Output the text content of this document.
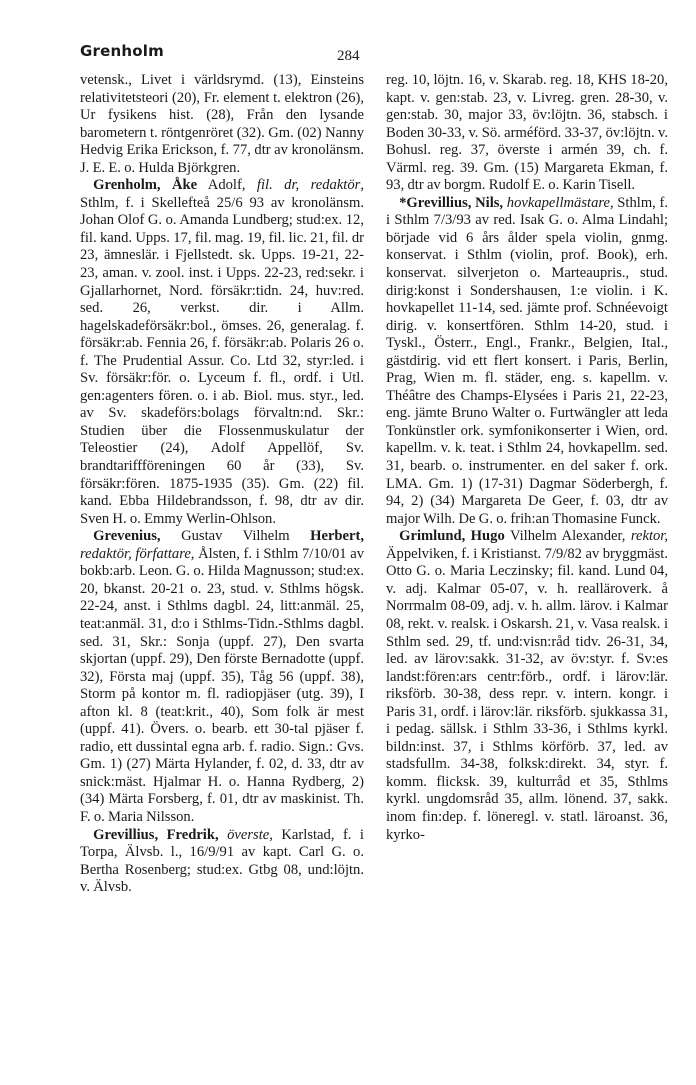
Grenholm	284

vetensk., Livet i världsrymd. (13), Einsteins relativitetsteori (20), Fr. element t. elektron (26), Ur fysikens hist. (28), Från den lysande barometern t. röntgenröret (32). Gm. (02) Nanny Hedvig Erika Erickson, f. 77, dtr av kronolänsm. J. E. E. o. Hulda Björkgren.

Grenholm, Åke Adolf, fil. dr, redaktör, Sthlm, f. i Skellefteå 25/6 93 av kronolänsm. Johan Olof G. o. Amanda Lundberg; stud:ex. 12, fil. kand. Upps. 17, fil. mag. 19, fil. lic. 21, fil. dr 23, ämneslär. i Fjellstedt. sk. Upps. 19-21, 22-23, aman. v. zool. inst. i Upps. 22-23, red:sekr. i Gjallarhornet, Nord. försäkr:tidn. 24, huv:red. sed. 26, verkst. dir. i Allm. hagelskadeförsäkr:bol., ömses. 26, generalag. f. försäkr:ab. Fennia 26, f. försäkr:ab. Polaris 26 o. f. The Prudential Assur. Co. Ltd 32, styr:led. i Sv. försäkr:för. o. Lyceum f. fl., ordf. i Utl. gen:agenters fören. o. i ab. Biol. mus. styr., led. av Sv. skadeförs:bolags förvaltn:nd. Skr.: Studien über die Flossenmuskulatur der Teleostier (24), Adolf Appellöf, Sv. brandtariffföreningen 60 år (33), Sv. försäkr:fören. 1875-1935 (35). Gm. (22) fil. kand. Ebba Hildebrandsson, f. 98, dtr av dir. Sven H. o. Emmy Werlin-Ohlson.

Grevenius, Gustav Vilhelm Herbert, redaktör, författare, Ålsten, f. i Sthlm 7/10/01 av bokb:arb. Leon. G. o. Hilda Magnusson; stud:ex. 20, bkanst. 20-21 o. 23, stud. v. Sthlms högsk. 22-24, anst. i Sthlms dagbl. 24, litt:anmäl. 25, teat:anmäl. 31, d:o i Sthlms-Tidn.-Sthlms dagbl. sed. 31, Skr.: Sonja (uppf. 27), Den svarta skjortan (uppf. 29), Den förste Bernadotte (uppf. 32), Första maj (uppf. 35), Tåg 56 (uppf. 38), Storm på kontor m. fl. radiopjäser (utg. 39), I afton kl. 8 (teat:krit., 40), Som folk är mest (uppf. 41). Övers. o. bearb. ett 30-tal pjäser f. radio, ett dussintal egna arb. f. radio. Sign.: Gvs. Gm. 1) (27) Märta Hylander, f. 02, d. 33, dtr av snick:mäst. Hjalmar H. o. Hanna Rydberg, 2) (34) Märta Forsberg, f. 01, dtr av maskinist. Th. F. o. Maria Nilsson.

Grevillius, Fredrik, överste, Karlstad, f. i Torpa, Älvsb. l., 16/9/91 av kapt. Carl G. o. Bertha Rosenberg; stud:ex. Gtbg 08, und:löjtn. v. Älvsb.

reg. 10, löjtn. 16, v. Skarab. reg. 18, KHS 18-20, kapt. v. gen:stab. 23, v. Livreg. gren. 28-30, v. gen:stab. 30, major 33, öv:löjtn. 36, stabsch. i Boden 30-33, v. Sö. arméförd. 33-37, öv:löjtn. v. Bohusl. reg. 37, överste i armén 39, ch. f. Värml. reg. 39. Gm. (15) Margareta Ekman, f. 93, dtr av borgm. Rudolf E. o. Karin Tisell.

*Grevillius, Nils, hovkapellmästare, Sthlm, f. i Sthlm 7/3/93 av red. Isak G. o. Alma Lindahl; började vid 6 års ålder spela violin, gnmg. konservat. i Sthlm (violin, prof. Book), erh. konservat. silverjeton o. Marteaupris., stud. dirig:konst i Sondershausen, 1:e violin. i K. hovkapellet 11-14, sed. jämte prof. Schnéevoigt dirig. v. konsertfören. Sthlm 14-20, stud. i Tyskl., Österr., Engl., Frankr., Belgien, Ital., gästdirig. vid ett flert konsert. i Paris, Berlin, Prag, Wien m. fl. städer, eng. s. kapellm. v. Théâtre des Champs-Elysées i Paris 21, 22-23, eng. jämte Bruno Walter o. Furtwängler att leda Tonkünstler ork. symfonikonserter i Wien, ord. kapellm. v. k. teat. i Sthlm 24, hovkapellm. sed. 31, bearb. o. instrumenter. en del saker f. ork. LMA. Gm. 1) (17-31) Dagmar Söderbergh, f. 94, 2) (34) Margareta De Geer, f. 03, dtr av major Wilh. De G. o. frih:an Thomasine Funck.

Grimlund, Hugo Vilhelm Alexander, rektor, Äppelviken, f. i Kristianst. 7/9/82 av bryggmäst. Otto G. o. Maria Leczinsky; fil. kand. Lund 04, v. adj. Kalmar 05-07, v. h. realläroverk. å Norrmalm 08-09, adj. v. h. allm. lärov. i Kalmar 08, rekt. v. realsk. i Oskarsh. 21, v. Vasa realsk. i Sthlm sed. 29, tf. und:visn:råd tidv. 26-31, 34, led. av lärov:sakk. 31-32, av öv:styr. f. Sv:es landst:fören:ars centr:förb., ordf. i lärov:lär. riksförb. 30-38, dess repr. v. intern. kongr. i Paris 31, ordf. i lärov:lär. riksförb. sjukkassa 31, i pedag. sällsk. i Sthlm 33-36, i Sthlms kyrkl. bildn:inst. 37, i Sthlms körförb. 37, led. av stadsfullm. 34-38, folksk:direkt. 34, styr. f. komm. flicksk. 39, kulturråd et 35, Sthlms kyrkl. ungdomsråd 35, allm. lönend. 37, sakk. inom fin:dep. f. löneregl. v. statl. läroanst. 36, kyrko-
